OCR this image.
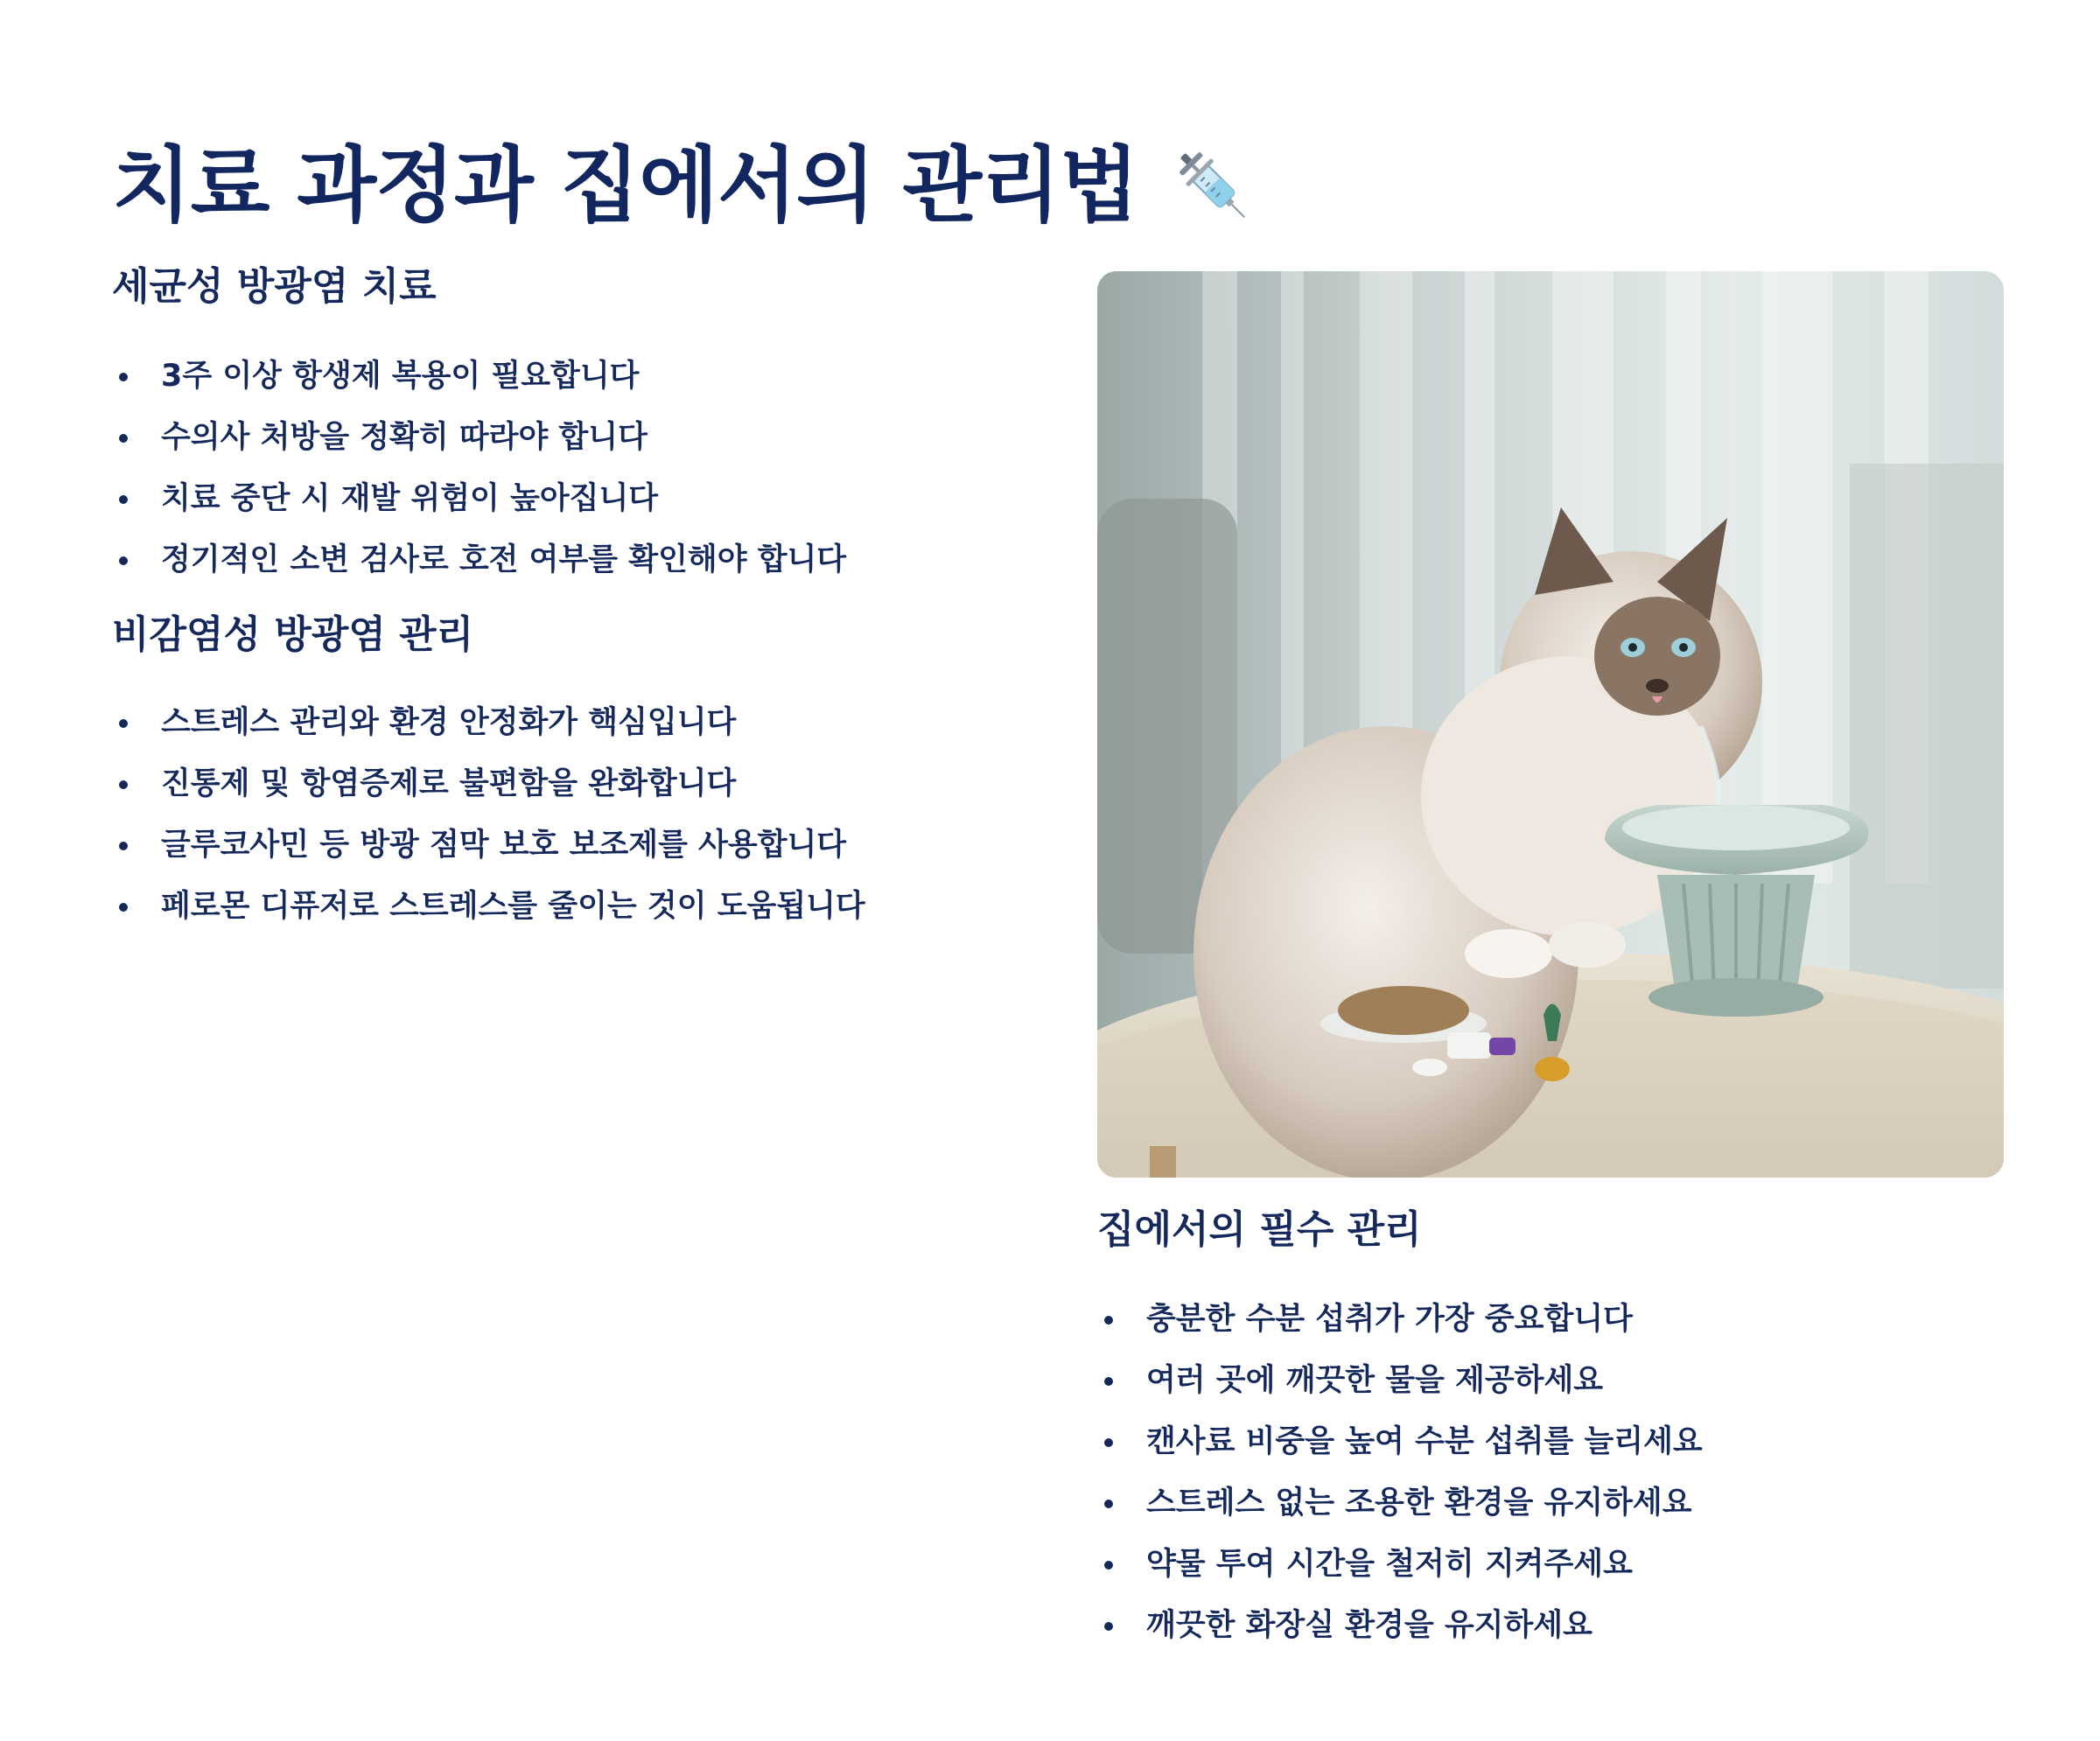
치료 과정과 집에서의 관리법
세균성 방광염 치료
3주 이상 항생제 복용이 필요합니다
수의사 처방을 정확히 따라야 합니다
치료 중단 시 재발 위험이 높아집니다
정기적인 소변 검사로 호전 여부를 확인해야 합니다
비감염성 방광염 관리
스트레스 관리와 환경 안정화가 핵심입니다
진통제 및 항염증제로 불편함을 완화합니다
글루코사민 등 방광 점막 보호 보조제를 사용합니다
페로몬 디퓨저로 스트레스를 줄이는 것이 도움됩니다
집에서의 필수 관리
충분한 수분 섭취가 가장 중요합니다
여러 곳에 깨끗한 물을 제공하세요
캔사료 비중을 높여 수분 섭취를 늘리세요
스트레스 없는 조용한 환경을 유지하세요
약물 투여 시간을 철저히 지켜주세요
깨끗한 화장실 환경을 유지하세요
